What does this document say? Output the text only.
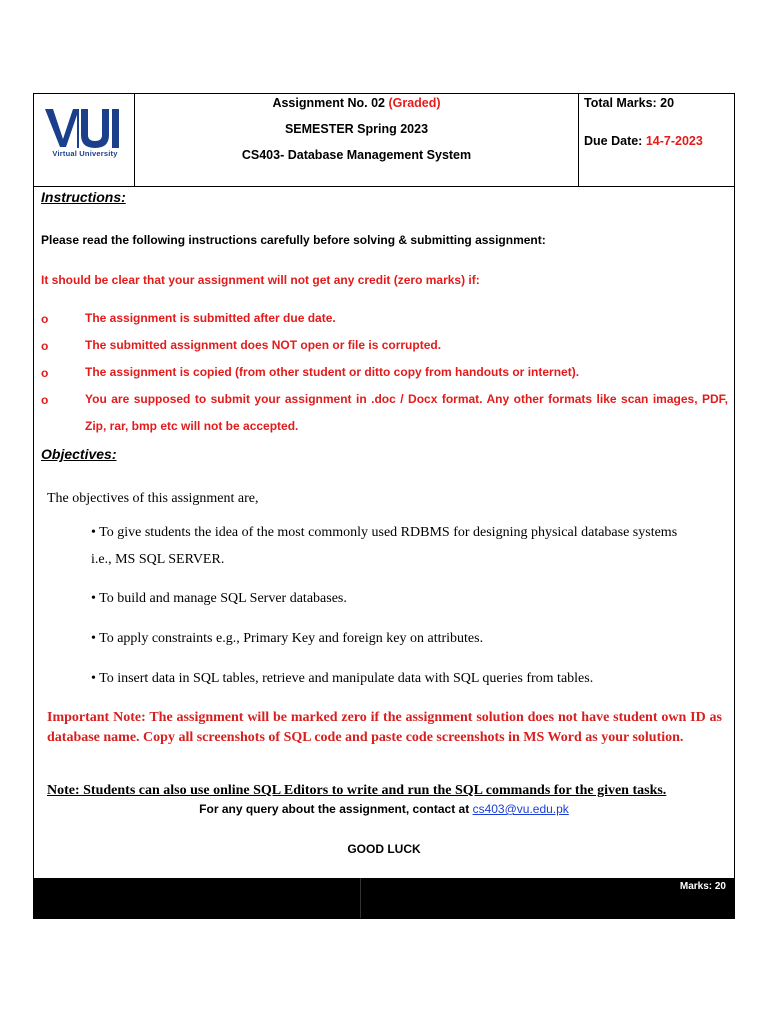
Virtual University
Assignment No. 02 (Graded)
SEMESTER Spring 2023
CS403- Database Management System
Total Marks: 20
Due Date: 14-7-2023
Instructions:
Please read the following instructions carefully before solving & submitting assignment:
It should be clear that your assignment will not get any credit (zero marks) if:
o	The assignment is submitted after due date.
o	The submitted assignment does NOT open or file is corrupted.
o	The assignment is copied (from other student or ditto copy from handouts or internet).
o	You are supposed to submit your assignment in .doc / Docx format. Any other formats like scan images, PDF, Zip, rar, bmp etc will not be accepted.
Objectives:
The objectives of this assignment are,
• To give students the idea of the most commonly used RDBMS for designing physical database systems i.e., MS SQL SERVER.
• To build and manage SQL Server databases.
• To apply constraints e.g., Primary Key and foreign key on attributes.
• To insert data in SQL tables, retrieve and manipulate data with SQL queries from tables.
Important Note: The assignment will be marked zero if the assignment solution does not have student own ID as database name. Copy all screenshots of SQL code and paste code screenshots in MS Word as your solution.
Note: Students can also use online SQL Editors to write and run the SQL commands for the given tasks.
For any query about the assignment, contact at cs403@vu.edu.pk
GOOD LUCK
Marks: 20
